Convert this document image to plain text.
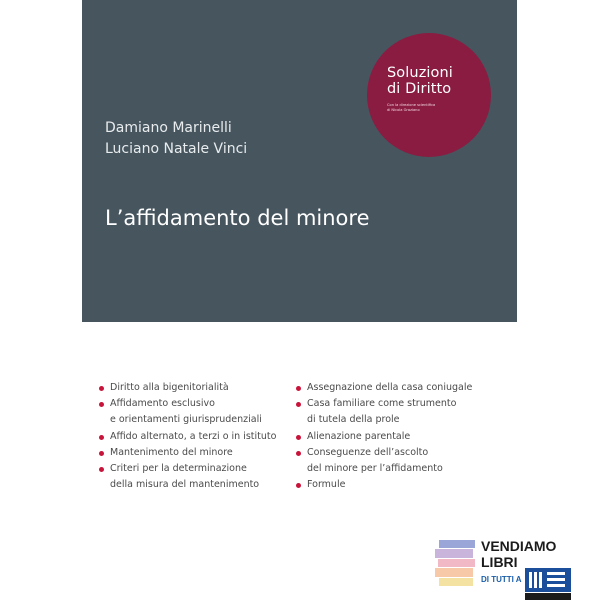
Soluzioni
di Diritto
Con la direzione scientifica
di Nicola Graziano
Damiano Marinelli
Luciano Natale Vinci
L’affidamento del minore
Diritto alla bigenitorialità
Affidamento esclusivo
e orientamenti giurisprudenziali
Affido alternato, a terzi o in istituto
Mantenimento del minore
Criteri per la determinazione
della misura del mantenimento
Assegnazione della casa coniugale
Casa familiare come strumento
di tutela della prole
Alienazione parentale
Conseguenze dell’ascolto
del minore per l’affidamento
Formule
VENDIAMO
LIBRI
DI TUTTI A
